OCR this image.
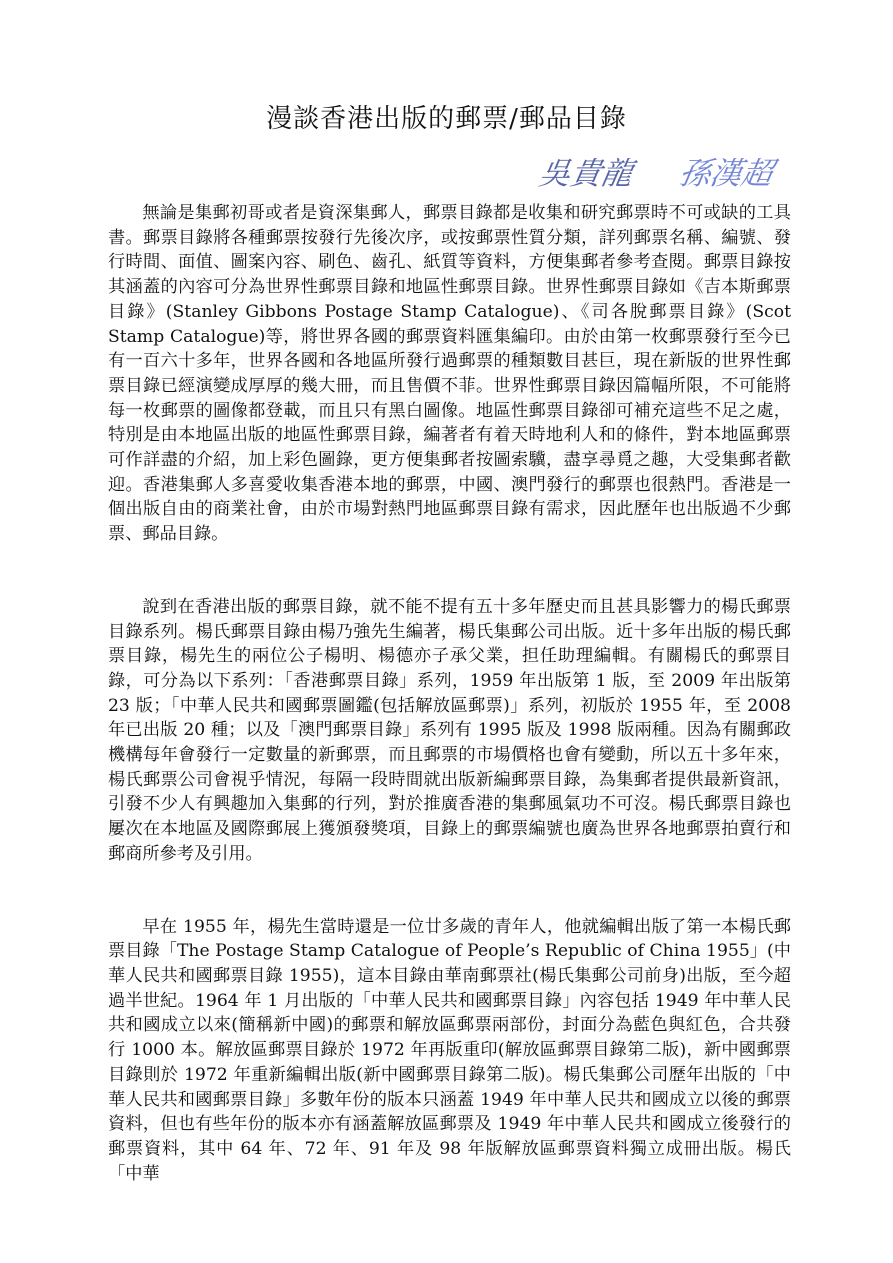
漫談香港出版的郵票/郵品目錄
吳貴龍 孫漢超

無論是集郵初哥或者是資深集郵人，郵票目錄都是收集和研究郵票時不可或缺的工具書。郵票目錄將各種郵票按發行先後次序，或按郵票性質分類，詳列郵票名稱、編號、發行時間、面值、圖案內容、刷色、齒孔、紙質等資料，方便集郵者參考查閱。郵票目錄按其涵蓋的內容可分為世界性郵票目錄和地區性郵票目錄。世界性郵票目錄如《吉本斯郵票目錄》(Stanley Gibbons Postage Stamp Catalogue)、《司各脫郵票目錄》(Scot Stamp Catalogue)等，將世界各國的郵票資料匯集編印。由於由第一枚郵票發行至今已有一百六十多年，世界各國和各地區所發行過郵票的種類數目甚巨，現在新版的世界性郵票目錄已經演變成厚厚的幾大冊，而且售價不菲。世界性郵票目錄因篇幅所限，不可能將每一枚郵票的圖像都登載，而且只有黑白圖像。地區性郵票目錄卻可補充這些不足之處，特別是由本地區出版的地區性郵票目錄，編著者有着天時地利人和的條件，對本地區郵票可作詳盡的介紹，加上彩色圖錄，更方便集郵者按圖索驥，盡享尋覓之趣，大受集郵者歡迎。香港集郵人多喜愛收集香港本地的郵票，中國、澳門發行的郵票也很熱門。香港是一個出版自由的商業社會，由於市場對熱門地區郵票目錄有需求，因此歷年也出版過不少郵票、郵品目錄。

說到在香港出版的郵票目錄，就不能不提有五十多年歷史而且甚具影響力的楊氏郵票目錄系列。楊氏郵票目錄由楊乃強先生編著，楊氏集郵公司出版。近十多年出版的楊氏郵票目錄，楊先生的兩位公子楊明、楊德亦子承父業，担任助理編輯。有關楊氏的郵票目錄，可分為以下系列：「香港郵票目錄」系列，1959 年出版第 1 版，至 2009 年出版第 23 版；「中華人民共和國郵票圖鑑(包括解放區郵票)」系列，初版於 1955 年，至 2008 年已出版 20 種；以及「澳門郵票目錄」系列有 1995 版及 1998 版兩種。因為有關郵政機構每年會發行一定數量的新郵票，而且郵票的市場價格也會有變動，所以五十多年來，楊氏郵票公司會視乎情況，每隔一段時間就出版新編郵票目錄，為集郵者提供最新資訊，引發不少人有興趣加入集郵的行列，對於推廣香港的集郵風氣功不可沒。楊氏郵票目錄也屢次在本地區及國際郵展上獲頒發獎項，目錄上的郵票編號也廣為世界各地郵票拍賣行和郵商所參考及引用。

早在 1955 年，楊先生當時還是一位廿多歲的青年人，他就編輯出版了第一本楊氏郵票目錄「The Postage Stamp Catalogue of People’s Republic of China 1955」(中華人民共和國郵票目錄 1955)，這本目錄由華南郵票社(楊氏集郵公司前身)出版，至今超過半世紀。1964 年 1 月出版的「中華人民共和國郵票目錄」內容包括 1949 年中華人民共和國成立以來(簡稱新中國)的郵票和解放區郵票兩部份，封面分為藍色與紅色，合共發行 1000 本。解放區郵票目錄於 1972 年再版重印(解放區郵票目錄第二版)，新中國郵票目錄則於 1972 年重新編輯出版(新中國郵票目錄第二版)。楊氏集郵公司歷年出版的「中華人民共和國郵票目錄」多數年份的版本只涵蓋 1949 年中華人民共和國成立以後的郵票資料，但也有些年份的版本亦有涵蓋解放區郵票及 1949 年中華人民共和國成立後發行的郵票資料，其中 64 年、72 年、91 年及 98 年版解放區郵票資料獨立成冊出版。楊氏「中華
